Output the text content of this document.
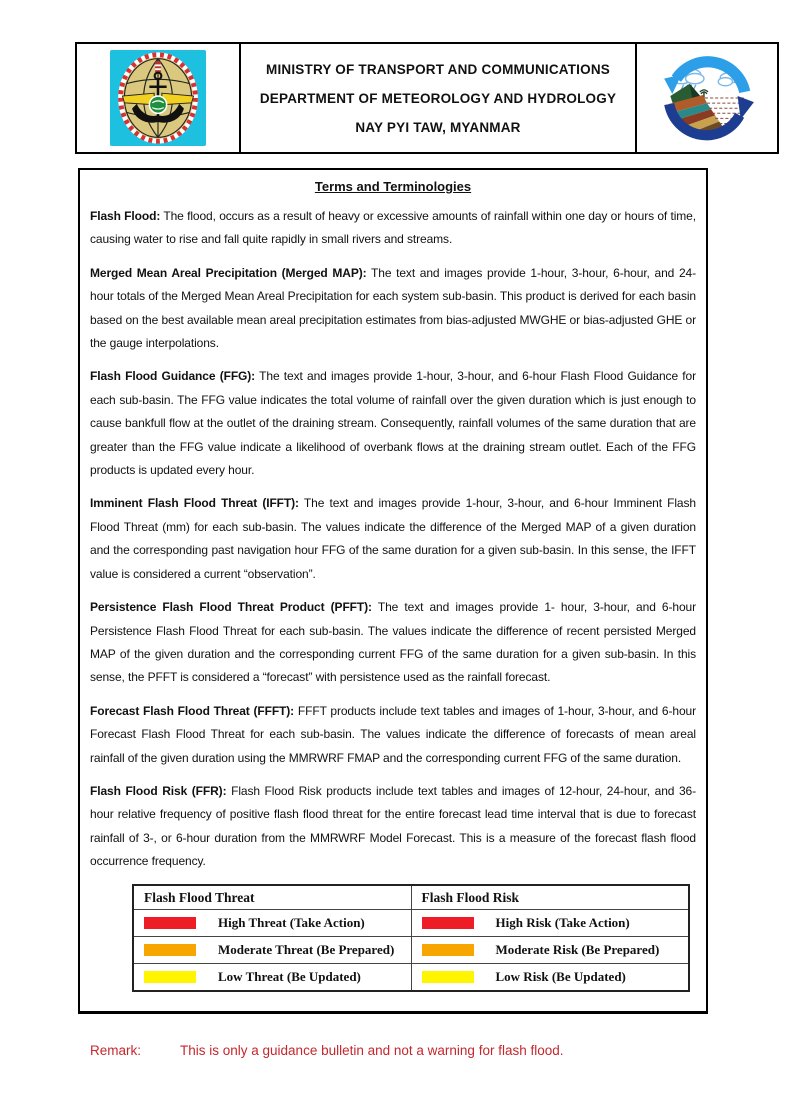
MINISTRY OF TRANSPORT AND COMMUNICATIONS
DEPARTMENT OF METEOROLOGY AND HYDROLOGY
NAY PYI TAW, MYANMAR
Terms and Terminologies

Flash Flood: The flood, occurs as a result of heavy or excessive amounts of rainfall within one day or hours of time, causing water to rise and fall quite rapidly in small rivers and streams.

Merged Mean Areal Precipitation (Merged MAP): The text and images provide 1-hour, 3-hour, 6-hour, and 24-hour totals of the Merged Mean Areal Precipitation for each system sub-basin. This product is derived for each basin based on the best available mean areal precipitation estimates from bias-adjusted MWGHE or bias-adjusted GHE or the gauge interpolations.

Flash Flood Guidance (FFG): The text and images provide 1-hour, 3-hour, and 6-hour Flash Flood Guidance for each sub-basin. The FFG value indicates the total volume of rainfall over the given duration which is just enough to cause bankfull flow at the outlet of the draining stream. Consequently, rainfall volumes of the same duration that are greater than the FFG value indicate a likelihood of overbank flows at the draining stream outlet. Each of the FFG products is updated every hour.

Imminent Flash Flood Threat (IFFT): The text and images provide 1-hour, 3-hour, and 6-hour Imminent Flash Flood Threat (mm) for each sub-basin. The values indicate the difference of the Merged MAP of a given duration and the corresponding past navigation hour FFG of the same duration for a given sub-basin. In this sense, the IFFT value is considered a current “observation”.

Persistence Flash Flood Threat Product (PFFT): The text and images provide 1- hour, 3-hour, and 6-hour Persistence Flash Flood Threat for each sub-basin. The values indicate the difference of recent persisted Merged MAP of the given duration and the corresponding current FFG of the same duration for a given sub-basin. In this sense, the PFFT is considered a “forecast” with persistence used as the rainfall forecast.

Forecast Flash Flood Threat (FFFT): FFFT products include text tables and images of 1-hour, 3-hour, and 6-hour Forecast Flash Flood Threat for each sub-basin. The values indicate the difference of forecasts of mean areal rainfall of the given duration using the MMRWRF FMAP and the corresponding current FFG of the same duration.

Flash Flood Risk (FFR): Flash Flood Risk products include text tables and images of 12-hour, 24-hour, and 36-hour relative frequency of positive flash flood threat for the entire forecast lead time interval that is due to forecast rainfall of 3-, or 6-hour duration from the MMRWRF Model Forecast. This is a measure of the forecast flash flood occurrence frequency.

Flash Flood Threat	Flash Flood Risk

High Threat (Take Action)	High Risk (Take Action)

Moderate Threat (Be Prepared)	Moderate Risk (Be Prepared)

Low Threat (Be Updated)	Low Risk (Be Updated)
Remark:	This is only a guidance bulletin and not a warning for flash flood.
